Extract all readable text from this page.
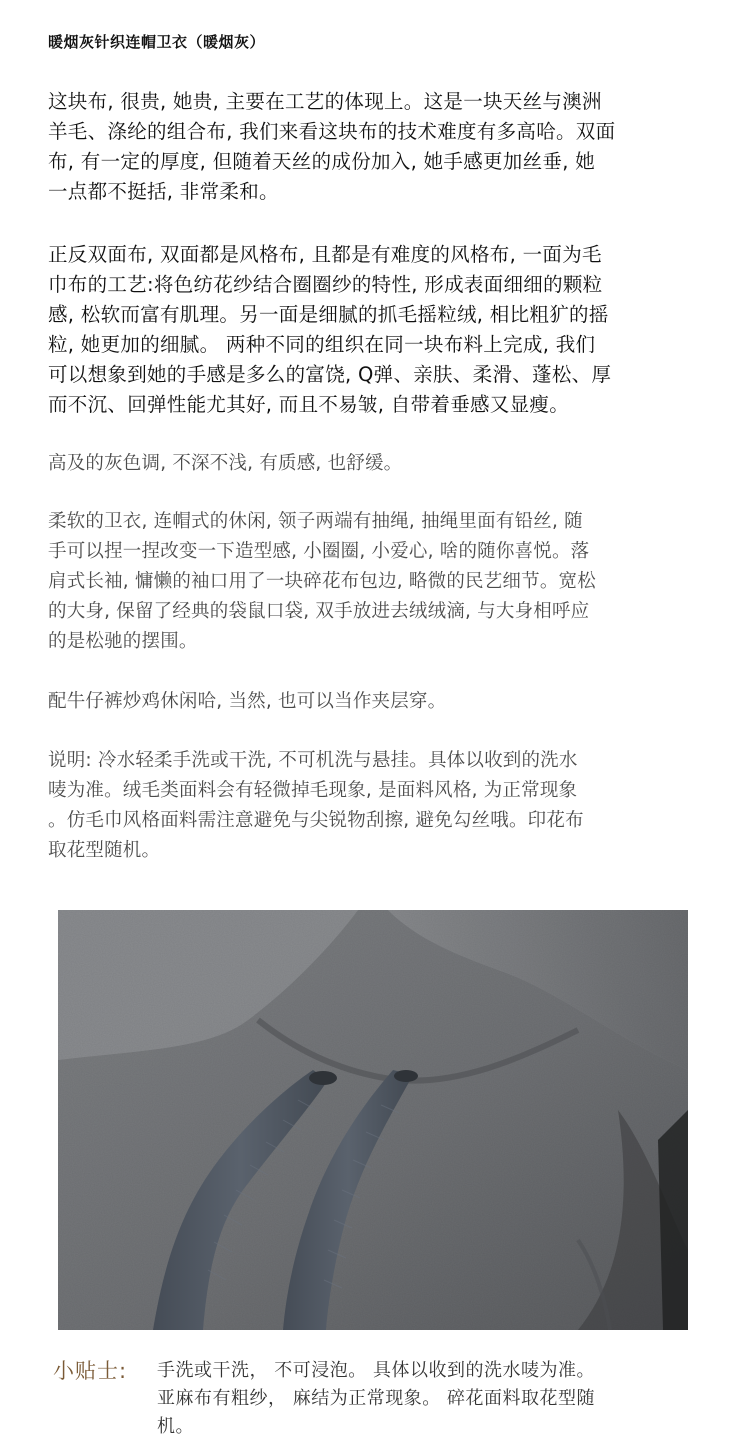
暖烟灰针织连帽卫衣（暖烟灰）
这块布, 很贵, 她贵, 主要在工艺的体现上。这是一块天丝与澳洲
羊毛、涤纶的组合布, 我们来看这块布的技术难度有多高哈。双面
布, 有一定的厚度, 但随着天丝的成份加入, 她手感更加丝垂, 她
一点都不挺括, 非常柔和。
正反双面布, 双面都是风格布, 且都是有难度的风格布, 一面为毛
巾布的工艺:将色纺花纱结合圈圈纱的特性, 形成表面细细的颗粒
感, 松软而富有肌理。另一面是细腻的抓毛摇粒绒, 相比粗犷的摇
粒, 她更加的细腻。 两种不同的组织在同一块布料上完成, 我们
可以想象到她的手感是多么的富饶, Q弹、亲肤、柔滑、蓬松、厚
而不沉、回弹性能尤其好, 而且不易皱, 自带着垂感又显瘦。
高及的灰色调, 不深不浅, 有质感, 也舒缓。
柔软的卫衣, 连帽式的休闲, 领子两端有抽绳, 抽绳里面有铅丝, 随
手可以捏一捏改变一下造型感, 小圈圈, 小爱心, 啥的随你喜悦。落
肩式长袖, 慵懒的袖口用了一块碎花布包边, 略微的民艺细节。宽松
的大身, 保留了经典的袋鼠口袋, 双手放进去绒绒滴, 与大身相呼应
的是松驰的摆围。
配牛仔裤炒鸡休闲哈, 当然, 也可以当作夹层穿。
说明: 冷水轻柔手洗或干洗, 不可机洗与悬挂。具体以收到的洗水
唛为准。绒毛类面料会有轻微掉毛现象, 是面料风格, 为正常现象
。仿毛巾风格面料需注意避免与尖锐物刮擦, 避免勾丝哦。印花布
取花型随机。
小贴士: 手洗或干洗， 不可浸泡。 具体以收到的洗水唛为准。
亚麻布有粗纱， 麻结为正常现象。 碎花面料取花型随
机。
